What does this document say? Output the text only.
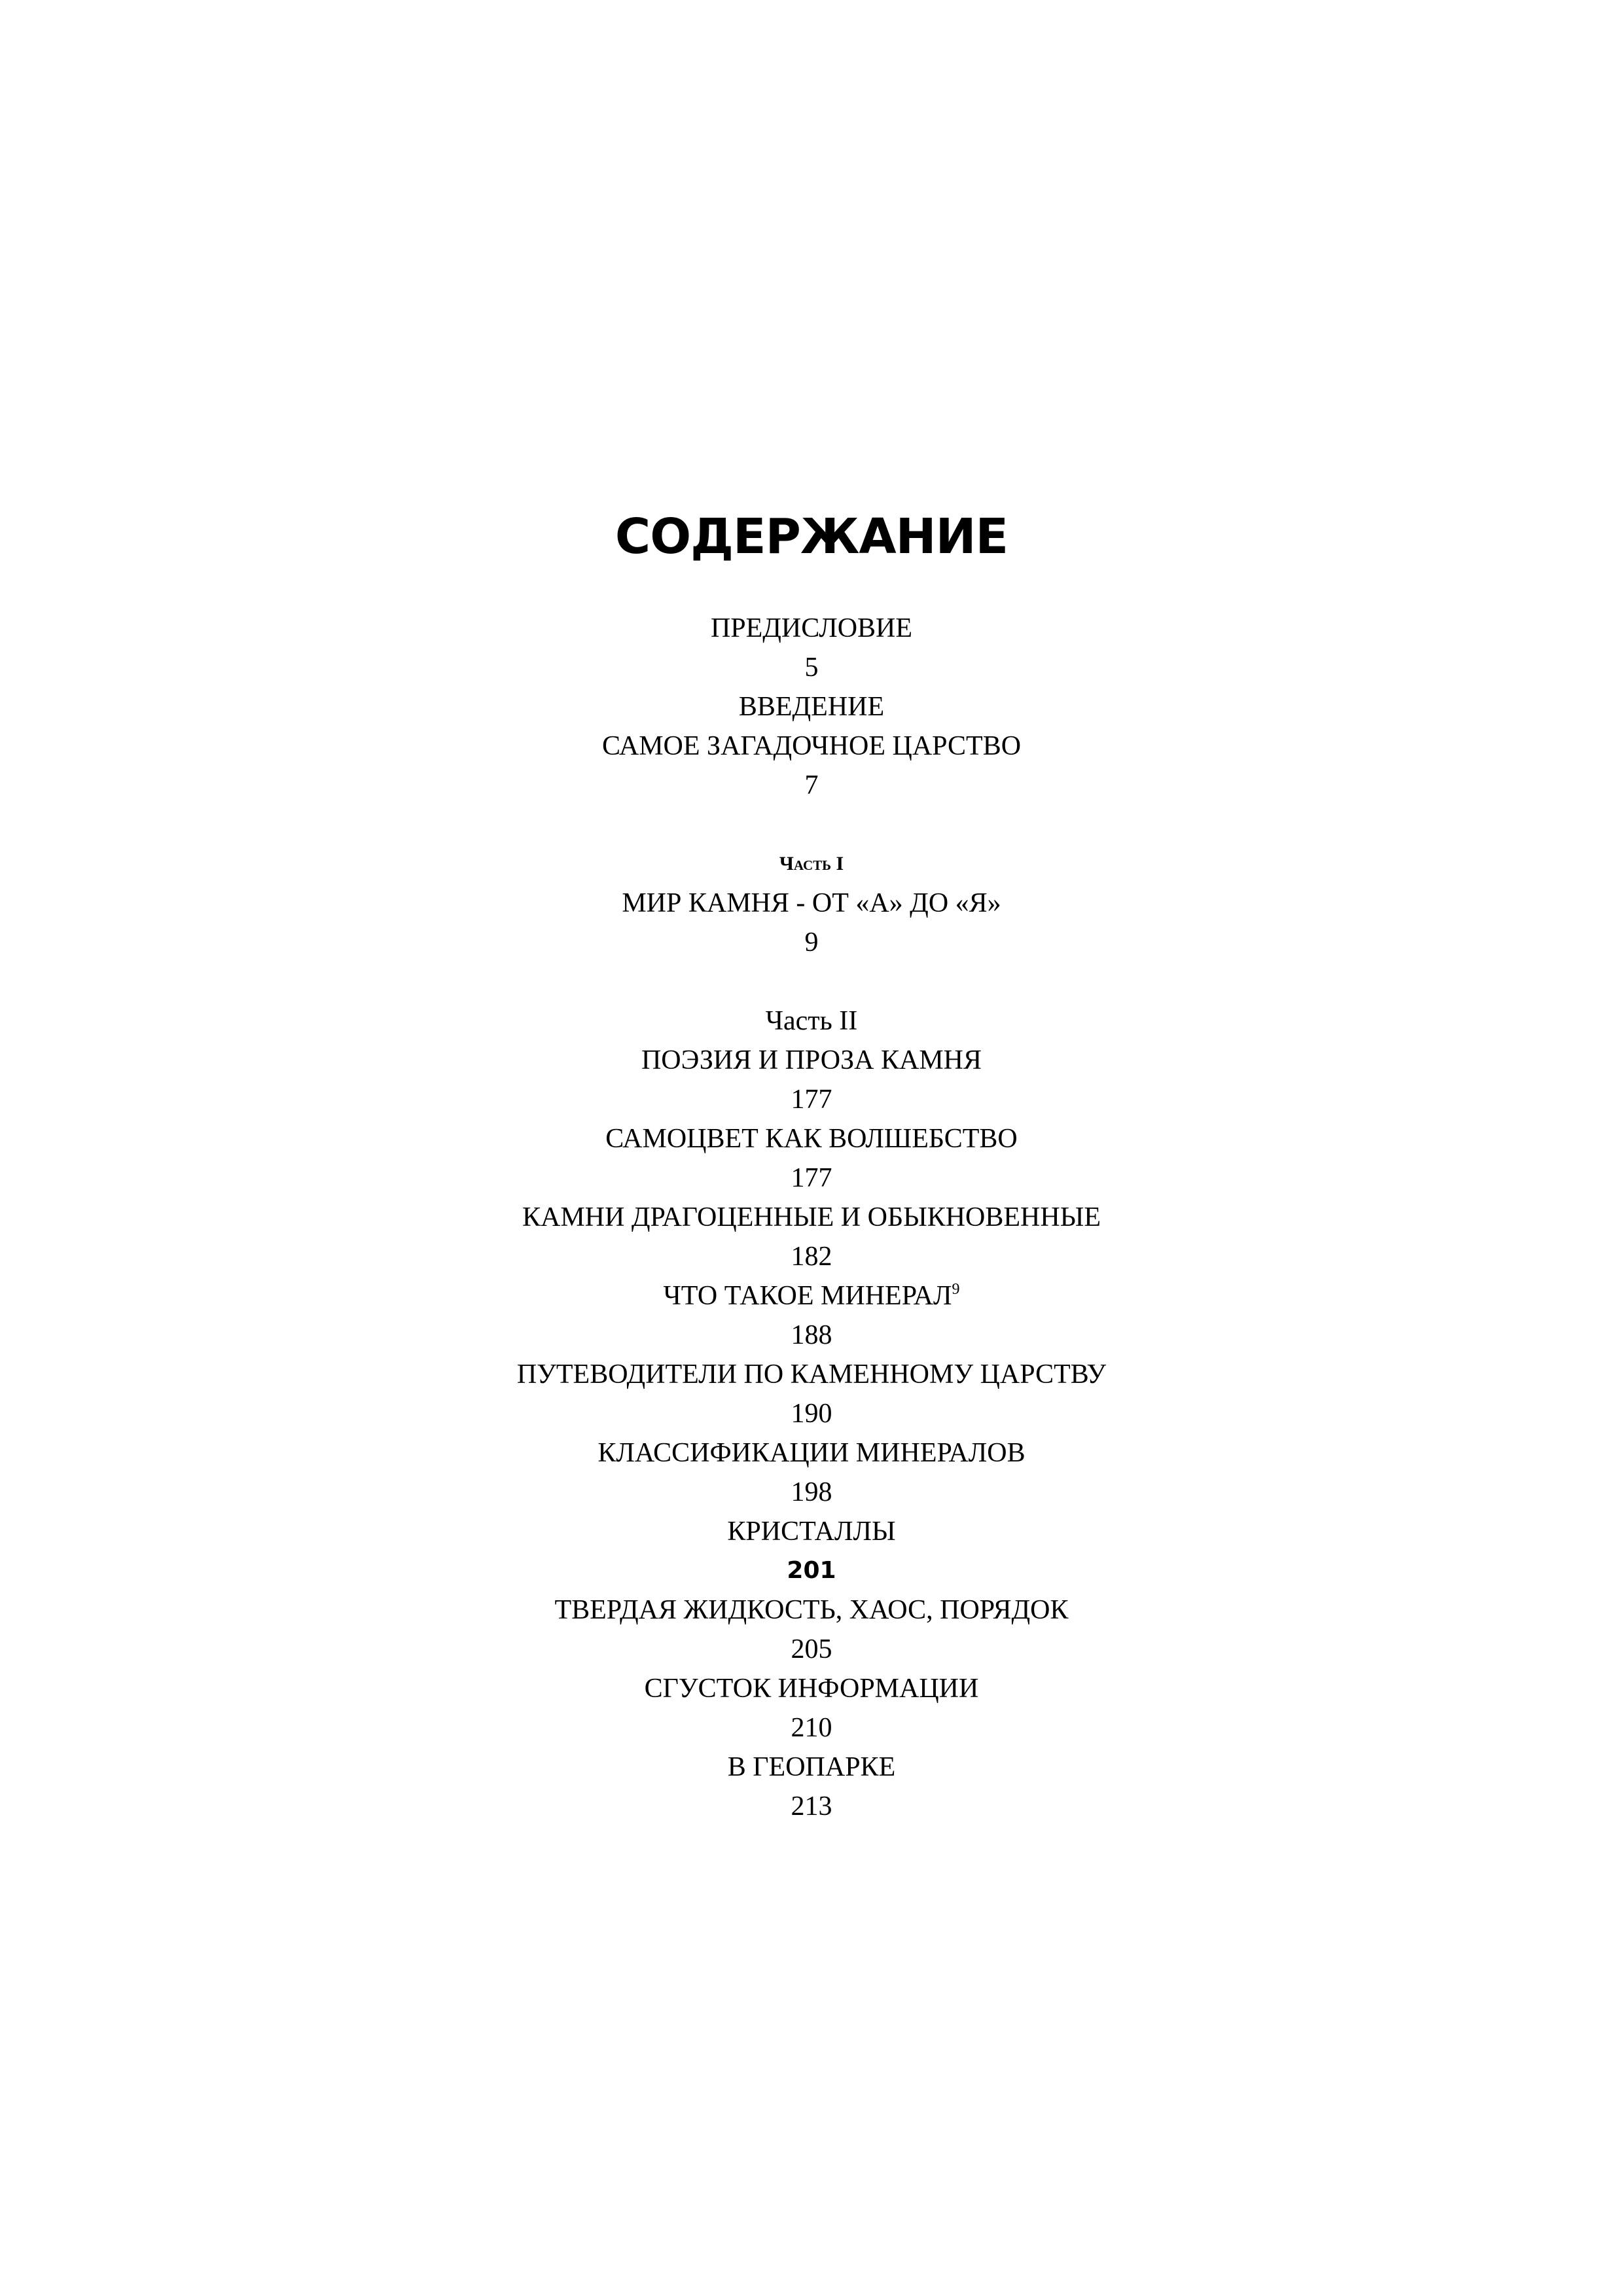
СОДЕРЖАНИЕ
ПРЕДИСЛОВИЕ
5
ВВЕДЕНИЕ
САМОЕ ЗАГАДОЧНОЕ ЦАРСТВО
7
Часть I
МИР КАМНЯ - ОТ «А» ДО «Я»
9
Часть II
ПОЭЗИЯ И ПРОЗА КАМНЯ
177
САМОЦВЕТ КАК ВОЛШЕБСТВО
177
КАМНИ ДРАГОЦЕННЫЕ И ОБЫКНОВЕННЫЕ
182
ЧТО ТАКОЕ МИНЕРАЛ$^9$
188
ПУТЕВОДИТЕЛИ ПО КАМЕННОМУ ЦАРСТВУ
190
КЛАССИФИКАЦИИ МИНЕРАЛОВ
198
КРИСТАЛЛЫ
201
ТВЕРДАЯ ЖИДКОСТЬ, ХАОС, ПОРЯДОК
205
СГУСТОК ИНФОРМАЦИИ
210
В ГЕОПАРКЕ
213
